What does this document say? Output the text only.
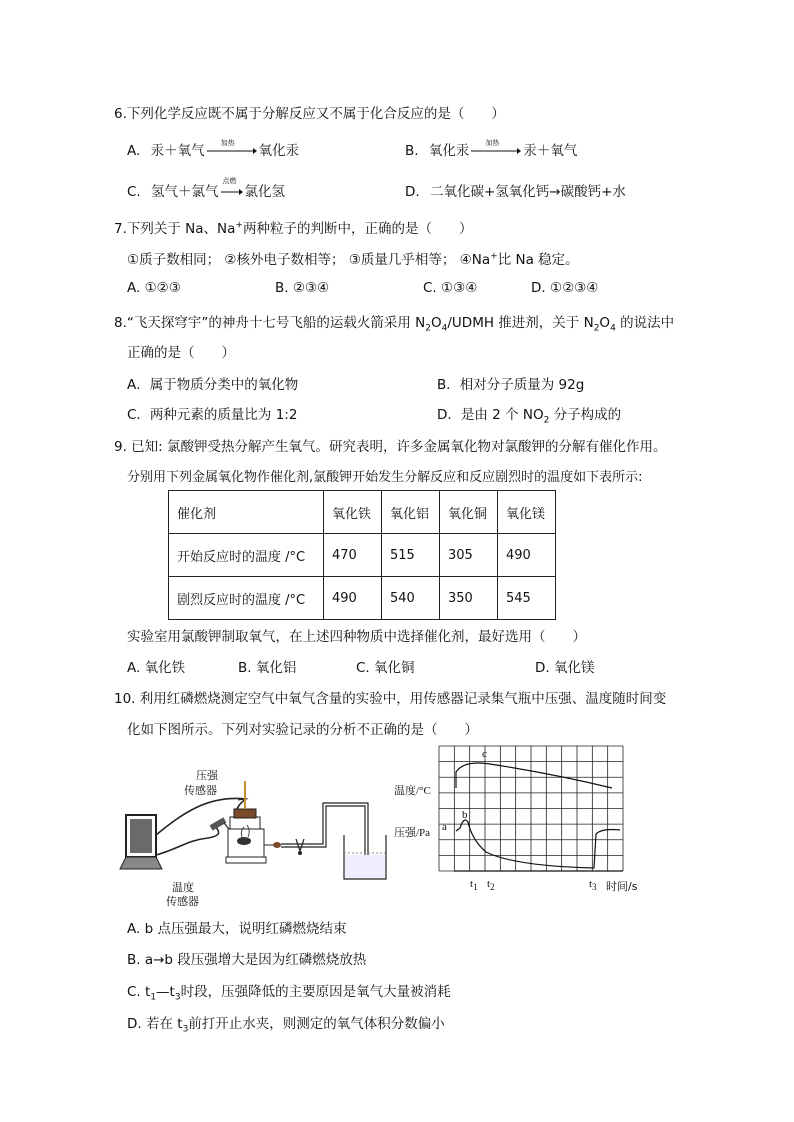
6.下列化学反应既不属于分解反应又不属于化合反应的是（　　）
A. 汞＋氧气 加热 氧化汞	B. 氧化汞 加热 汞＋氧气
C. 氢气＋氯气
点燃
氯化氢	D. 二氧化碳+氢氧化钙→碳酸钙+水
7.下列关于 Na、Na+两种粒子的判断中，正确的是（　　）
①质子数相同； ②核外电子数相等； ③质量几乎相等； ④Na+比 Na 稳定。
A. ①②③	B. ②③④	C. ①③④	D. ①②③④
8.“飞天探穹宇”的神舟十七号飞船的运载火箭采用 $N_2O_4$/UDMH 推进剂，关于 $N_2O_4$ 的说法中
正确的是（　　）
A．属于物质分类中的氧化物	B．相对分子质量为 92g
C．两种元素的质量比为 1:2	D．是由 2 个 $NO_2$ 分子构成的
9. 已知: 氯酸钾受热分解产生氧气。研究表明，许多金属氧化物对氯酸钾的分解有催化作用。
分别用下列金属氧化物作催化剂,氯酸钾开始发生分解反应和反应剧烈时的温度如下表所示:
催化剂	氧化铁	氧化铝	氧化铜	氧化镁
开始反应时的温度 /°C	470	515	305	490
剧烈反应时的温度 /°C	490	540	350	545
实验室用氯酸钾制取氧气，在上述四种物质中选择催化剂，最好选用（　　）
A. 氧化铁	B. 氧化铝	C. 氧化铜	D. 氧化镁
10. 利用红磷燃烧测定空气中氧气含量的实验中，用传感器记录集气瓶中压强、温度随时间变
化如下图所示。下列对实验记录的分析不正确的是（　　）
压强
传感器
温度
传感器
温度/°C
压强/Pa a
b
c
$t_1$ $t_2$	$t_3$ 时间/s
A. b 点压强最大，说明红磷燃烧结束
B. a→b 段压强增大是因为红磷燃烧放热
C. $t_1—t_3$时段，压强降低的主要原因是氧气大量被消耗
D. 若在 $t_3$前打开止水夹，则测定的氧气体积分数偏小
